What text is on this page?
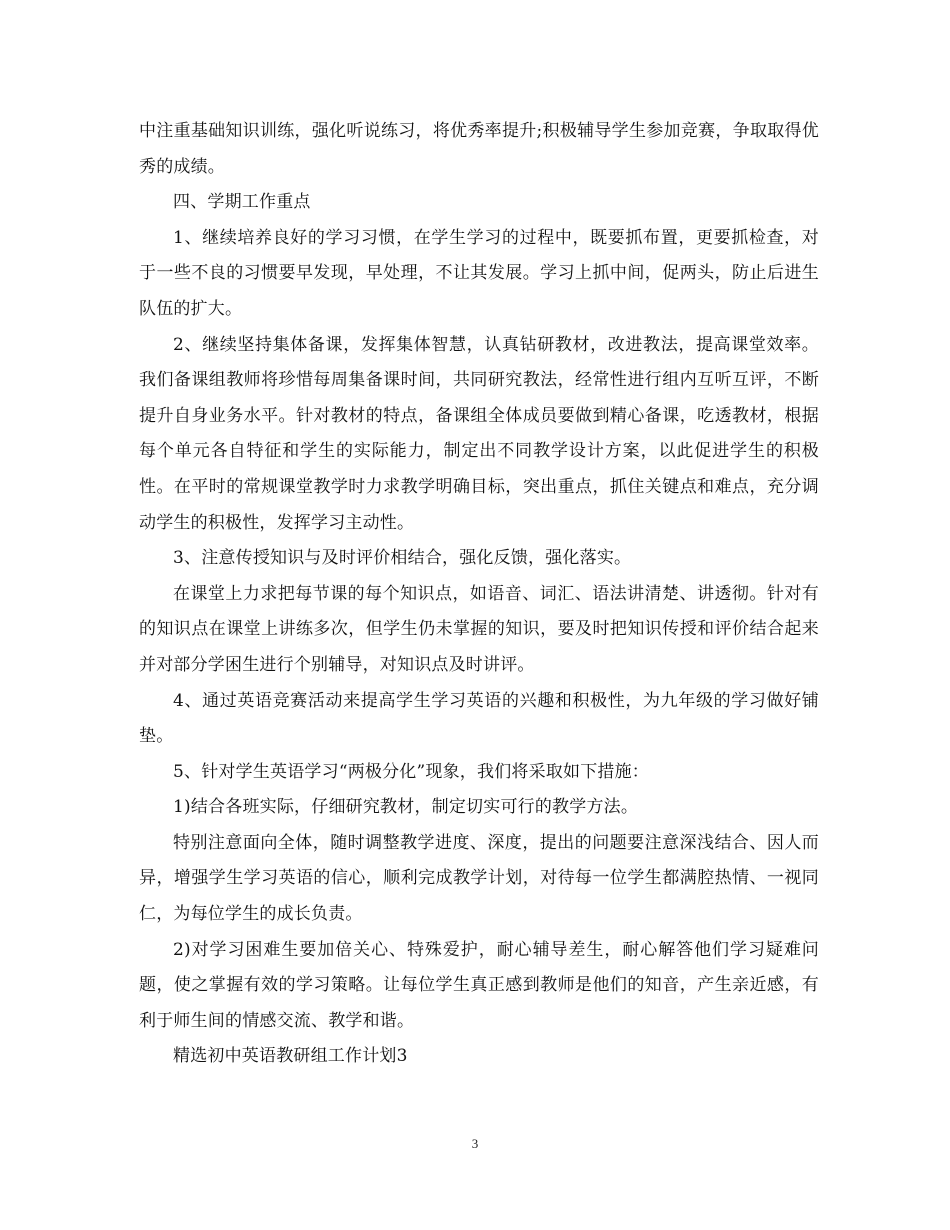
中注重基础知识训练，强化听说练习，将优秀率提升;积极辅导学生参加竞赛，争取取得优秀的成绩。

四、学期工作重点

1、继续培养良好的学习习惯，在学生学习的过程中，既要抓布置，更要抓检查，对于一些不良的习惯要早发现，早处理，不让其发展。学习上抓中间，促两头，防止后进生队伍的扩大。

2、继续坚持集体备课，发挥集体智慧，认真钻研教材，改进教法，提高课堂效率。我们备课组教师将珍惜每周集备课时间，共同研究教法，经常性进行组内互听互评，不断提升自身业务水平。针对教材的特点，备课组全体成员要做到精心备课，吃透教材，根据每个单元各自特征和学生的实际能力，制定出不同教学设计方案，以此促进学生的积极性。在平时的常规课堂教学时力求教学明确目标，突出重点，抓住关键点和难点，充分调动学生的积极性，发挥学习主动性。

3、注意传授知识与及时评价相结合，强化反馈，强化落实。

在课堂上力求把每节课的每个知识点，如语音、词汇、语法讲清楚、讲透彻。针对有的知识点在课堂上讲练多次，但学生仍未掌握的知识，要及时把知识传授和评价结合起来并对部分学困生进行个别辅导，对知识点及时讲评。

4、通过英语竞赛活动来提高学生学习英语的兴趣和积极性，为九年级的学习做好铺垫。

5、针对学生英语学习“两极分化”现象，我们将采取如下措施：

1)结合各班实际，仔细研究教材，制定切实可行的教学方法。

特别注意面向全体，随时调整教学进度、深度，提出的问题要注意深浅结合、因人而异，增强学生学习英语的信心，顺利完成教学计划，对待每一位学生都满腔热情、一视同仁，为每位学生的成长负责。

2)对学习困难生要加倍关心、特殊爱护，耐心辅导差生，耐心解答他们学习疑难问题，使之掌握有效的学习策略。让每位学生真正感到教师是他们的知音，产生亲近感，有利于师生间的情感交流、教学和谐。

精选初中英语教研组工作计划3

3
